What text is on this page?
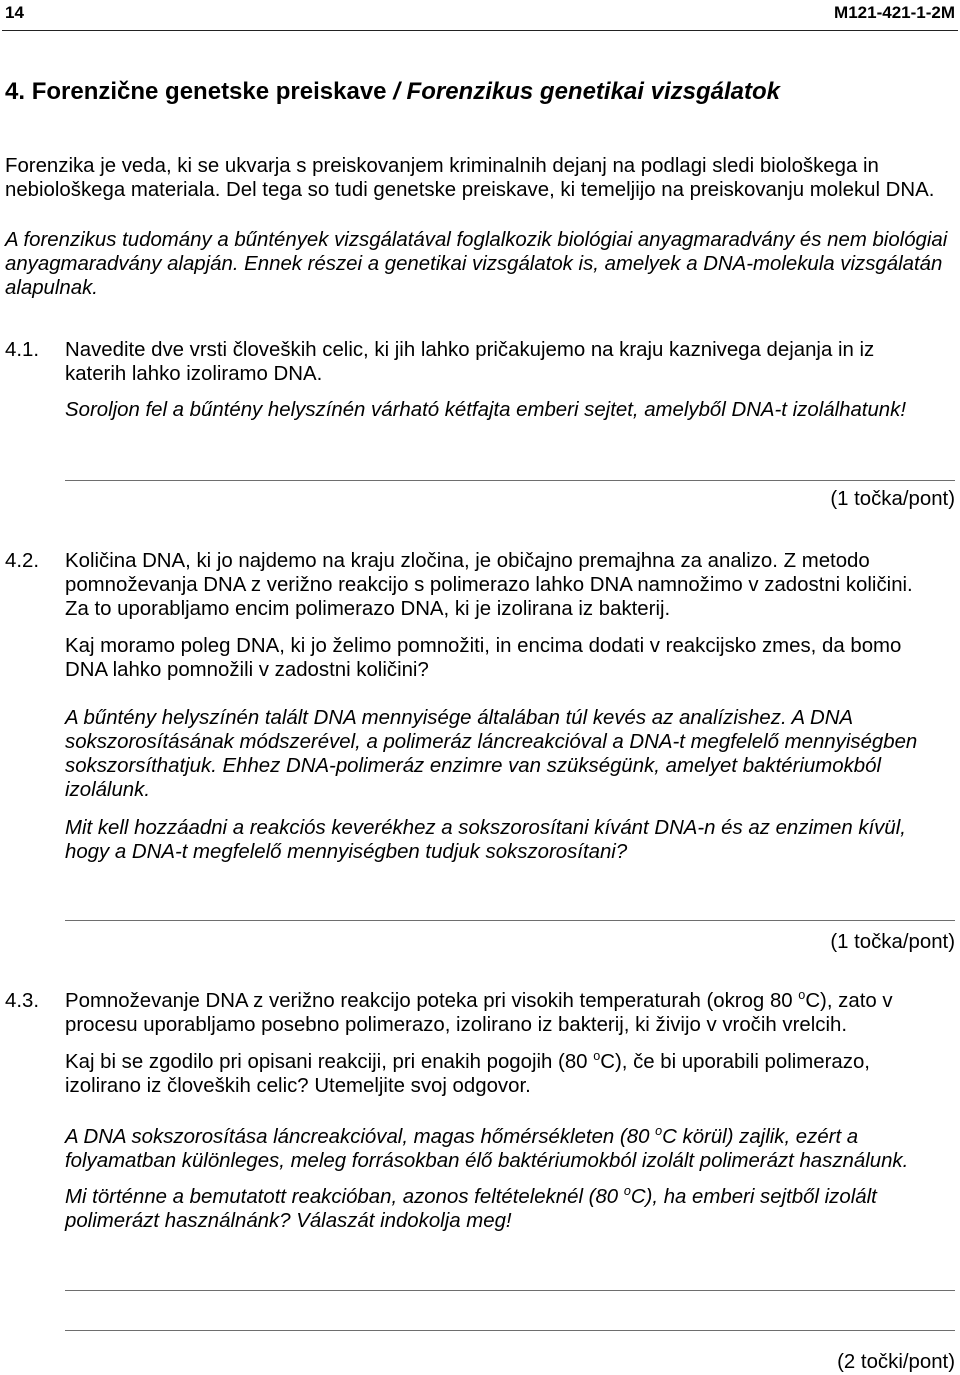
14	M121-421-1-2M
4. Forenzične genetske preiskave / Forenzikus genetikai vizsgálatok
Forenzika je veda, ki se ukvarja s preiskovanjem kriminalnih dejanj na podlagi sledi biološkega in
nebiološkega materiala. Del tega so tudi genetske preiskave, ki temeljijo na preiskovanju molekul DNA.
A forenzikus tudomány a bűntények vizsgálatával foglalkozik biológiai anyagmaradvány és nem biológiai
anyagmaradvány alapján. Ennek részei a genetikai vizsgálatok is, amelyek a DNA-molekula vizsgálatán
alapulnak.
4.1. Navedite dve vrsti človeških celic, ki jih lahko pričakujemo na kraju kaznivega dejanja in iz
katerih lahko izoliramo DNA.
Soroljon fel a bűntény helyszínén várható kétfajta emberi sejtet, amelyből DNA-t izolálhatunk!
(1 točka/pont)
4.2. Količina DNA, ki jo najdemo na kraju zločina, je običajno premajhna za analizo. Z metodo
pomnoževanja DNA z verižno reakcijo s polimerazo lahko DNA namnožimo v zadostni količini.
Za to uporabljamo encim polimerazo DNA, ki je izolirana iz bakterij.
Kaj moramo poleg DNA, ki jo želimo pomnožiti, in encima dodati v reakcijsko zmes, da bomo
DNA lahko pomnožili v zadostni količini?
A bűntény helyszínén talált DNA mennyisége általában túl kevés az analízishez. A DNA
sokszorosításának módszerével, a polimeráz láncreakcióval a DNA-t megfelelő mennyiségben
sokszorsíthatjuk. Ehhez DNA-polimeráz enzimre van szükségünk, amelyet baktériumokból
izolálunk.
Mit kell hozzáadni a reakciós keverékhez a sokszorosítani kívánt DNA-n és az enzimen kívül,
hogy a DNA-t megfelelő mennyiségben tudjuk sokszorosítani?
(1 točka/pont)
4.3. Pomnoževanje DNA z verižno reakcijo poteka pri visokih temperaturah (okrog 80 $^o$C), zato v
procesu uporabljamo posebno polimerazo, izolirano iz bakterij, ki živijo v vročih vrelcih.
Kaj bi se zgodilo pri opisani reakciji, pri enakih pogojih (80 $^o$C), če bi uporabili polimerazo,
izolirano iz človeških celic? Utemeljite svoj odgovor.
A DNA sokszorosítása láncreakcióval, magas hőmérsékleten (80 $^o$C körül) zajlik, ezért a
folyamatban különleges, meleg forrásokban élő baktériumokból izolált polimerázt használunk.
Mi történne a bemutatott reakcióban, azonos feltételeknél (80 $^o$C), ha emberi sejtből izolált
polimerázt használnánk? Válaszát indokolja meg!
(2 točki/pont)
